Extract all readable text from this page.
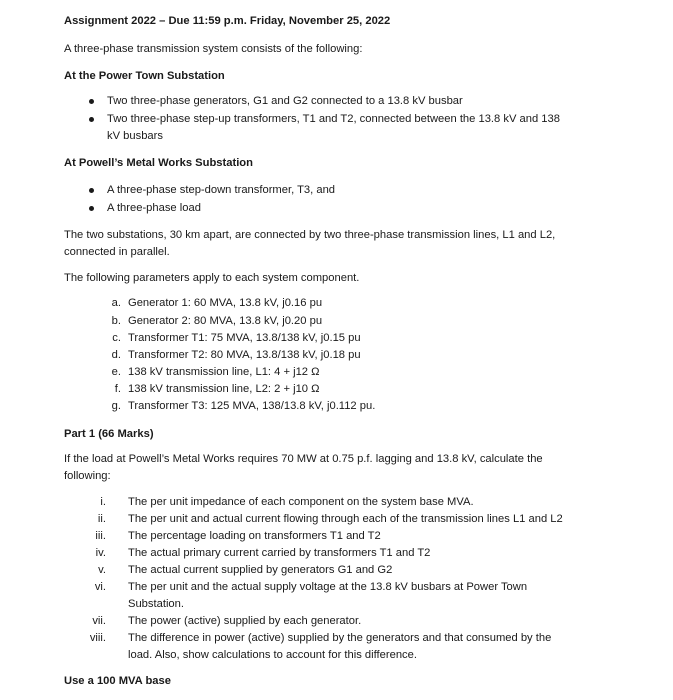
Assignment 2022 – Due 11:59 p.m. Friday, November 25, 2022
A three-phase transmission system consists of the following:
At the Power Town Substation
Two three-phase generators, G1 and G2 connected to a 13.8 kV busbar
Two three-phase step-up transformers, T1 and T2, connected between the 13.8 kV and 138
kV busbars
At Powell’s Metal Works Substation
A three-phase step-down transformer, T3, and
A three-phase load
The two substations, 30 km apart, are connected by two three-phase transmission lines, L1 and L2,
connected in parallel.
The following parameters apply to each system component.
a. Generator 1: 60 MVA, 13.8 kV, j0.16 pu
b. Generator 2: 80 MVA, 13.8 kV, j0.20 pu
c. Transformer T1: 75 MVA, 13.8/138 kV, j0.15 pu
d. Transformer T2: 80 MVA, 13.8/138 kV, j0.18 pu
e. 138 kV transmission line, L1: 4 + j12 Ω
f. 138 kV transmission line, L2: 2 + j10 Ω
g. Transformer T3: 125 MVA, 138/13.8 kV, j0.112 pu.
Part 1 (66 Marks)
If the load at Powell’s Metal Works requires 70 MW at 0.75 p.f. lagging and 13.8 kV, calculate the
following:
i. The per unit impedance of each component on the system base MVA.
ii. The per unit and actual current flowing through each of the transmission lines L1 and L2
iii. The percentage loading on transformers T1 and T2
iv. The actual primary current carried by transformers T1 and T2
v. The actual current supplied by generators G1 and G2
vi. The per unit and the actual supply voltage at the 13.8 kV busbars at Power Town
Substation.
vii. The power (active) supplied by each generator.
viii. The difference in power (active) supplied by the generators and that consumed by the
load. Also, show calculations to account for this difference.
Use a 100 MVA base
